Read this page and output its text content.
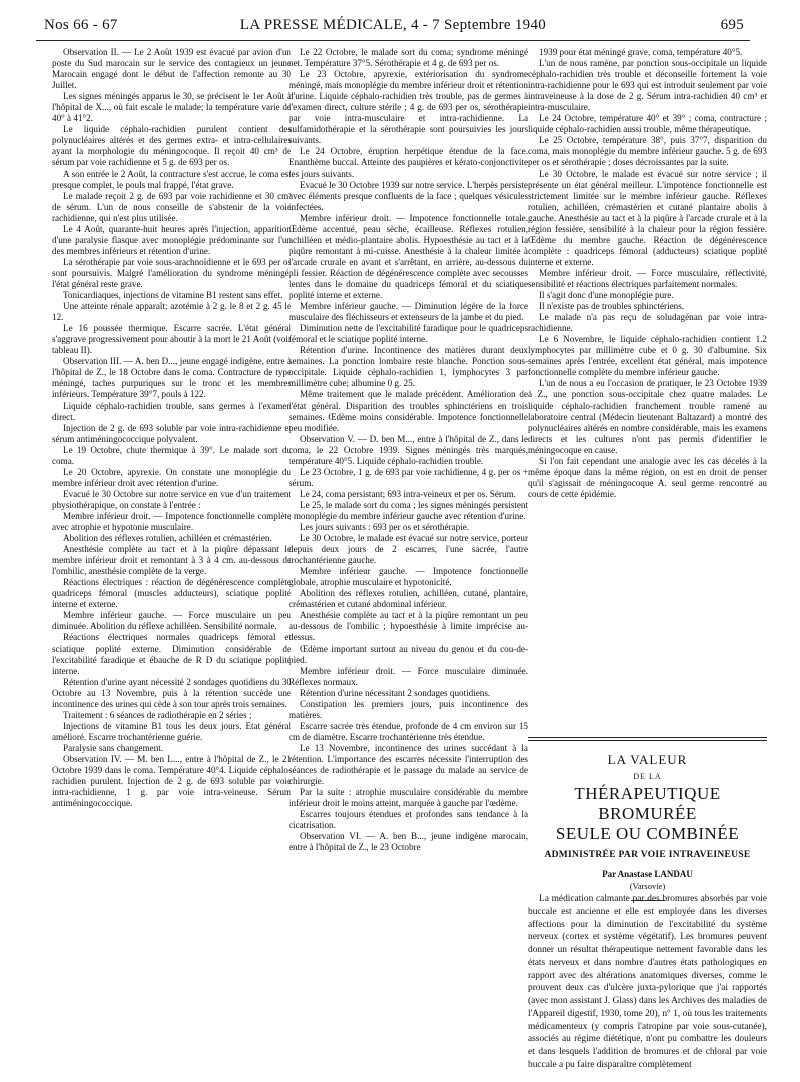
Nos 66 - 67	LA PRESSE MÉDICALE, 4 - 7 Septembre 1940	695

Observation II. — Le 2 Août 1939 est évacué par avion d'un poste du Sud marocain sur le service des contagieux un jeune Marocain engagé dont le début de l'affection remonte au 30 Juillet.

Les signes méningés apparus le 30, se précisent le 1er Août à l'hôpital de X..., où fait escale le malade; la température varie de 40° à 41°2.

Le liquide céphalo-rachidien purulent contient des polynucléaires altérés et des germes extra- et intra-cellulaires ayant la morphologie du méningocoque. Il reçoit 40 cm³ de sérum par voie rachidienne et 5 g. de 693 per os.

A son entrée le 2 Août, la contracture s'est accrue, le coma est presque complet, le pouls mal frappé, l'état grave.

Le malade reçoit 2 g. de 693 par voie rachidienne et 30 cm³ de sérum. L'un de nous conseille de s'abstenir de la voie rachidienne, qui n'est plus utilisée.

Le 4 Août, quarante-huit heures après l'injection, apparition d'une paralysie flasque avec monoplégie prédominante sur l'un des membres inférieurs et rétention d'urine.

La sérothérapie par voie sous-arachnoïdienne et le 693 per os sont poursuivis. Malgré l'amélioration du syndrome méningé, l'état général reste grave.

Tonicardiaques, injections de vitamine B1 restent sans effet.

Une atteinte rénale apparaît; azotémie à 2 g. le 8 et 2 g. 45 le 12.

Le 16 poussée thermique. Escarre sacrée. L'état général s'aggrave progressivement pour aboutir à la mort le 21 Août (voir tableau II).

Observation III. — A. ben D..., jeune engagé indigène, entre à l'hôpital de Z., le 18 Octobre dans le coma. Contracture de type méningé, taches purpuriques sur le tronc et les membres inférieurs. Température 39°7, pouls à 122.

Liquide céphalo-rachidien trouble, sans germes à l'examen direct.

Injection de 2 g. de 693 soluble par voie intra-rachidienne et sérum antiméningococcique polyvalent.

Le 19 Octobre, chute thermique à 39°. Le malade sort du coma.

Le 20 Octobre, apyrexie. On constate une monoplégie du membre inférieur droit avec rétention d'urine.

Evacué le 30 Octobre sur notre service en vue d'un traitement physiothérapique, on constate à l'entrée :

Membre inférieur droit. — Impotence fonctionnelle complète avec atrophie et hypotonie musculaire.

Abolition des réflexes rotulien, achilléen et crémastérien.

Anesthésie complète au tact et à la piqûre dépassant le membre inférieur droit et remontant à 3 à 4 cm. au-dessous de l'ombilic, anesthésie complète de la verge.

Réactions électriques : réaction de dégénérescence complète quadriceps fémoral (muscles adducteurs), sciatique poplité interne et externe.

Membre inférieur gauche. — Force musculaire un peu diminuée. Abolition du réflexe achilléen. Sensibilité normale.

Réactions électriques normales quadriceps fémoral et sciatique poplité externe. Diminution considérable de l'excitabilité faradique et ébauche de R D du sciatique poplité interne.

Rétention d'urine ayant nécessité 2 sondages quotidiens du 30 Octobre au 13 Novembre, puis à la rétention succède une incontinence des urines qui cède à son tour après trois semaines.

Traitement : 6 séances de radiothérapie en 2 séries ;

Injections de vitamine B1 tous les deux jours. Etat général amélioré. Escarre trochantérienne guérie.

Paralysie sans changement.

Observation IV. — M. ben L..., entre à l'hôpital de Z., le 21 Octobre 1939 dans le coma. Température 40°4. Liquide céphalo-rachidien purulent. Injection de 2 g. de 693 soluble par voie intra-rachidienne, 1 g. par voie intra-veineuse. Sérum antiméningococcique.

Le 22 Octobre, le malade sort du coma; syndrome méningé net. Température 37°5. Sérothérapie et 4 g. de 693 per os.

Le 23 Octobre, apyrexie, extériorisation du syndrome méningé, mais monoplégie du membre inférieur droit et rétention d'urine. Liquide céphalo-rachidien très trouble, pas de germes à l'examen direct, culture stérile ; 4 g. de 693 per os, sérothérapie par voie intra-musculaire et intra-rachidienne. La sulfamidothérapie et la sérothérapie sont poursuivies les jours suivants.

Le 24 Octobre, éruption herpétique étendue de la face. Enanthème buccal. Atteinte des paupières et kérato-conjonctivite les jours suivants.

Evacué le 30 Octobre 1939 sur notre service. L'herpès persiste avec éléments presque confluents de la face ; quelques vésicules infectées.

Membre inférieur droit. — Impotence fonctionnelle totale. Œdème accentué, peau sèche, écailleuse. Réflexes rotulien, achilléen et médio-plantaire abolis. Hypoesthésie au tact et à la piqûre remontant à mi-cuisse. Anesthésie à la chaleur limitée à l'arcade crurale en avant et s'arrêtant, en arrière, au-dessous du pli fessier. Réaction de dégénérescence complète avec secousses lentes dans le domaine du quadriceps fémoral et du sciatique poplité interne et externe.

Membre inférieur gauche. — Diminution légère de la force musculaire des fléchisseurs et extenseurs de la jambe et du pied.

Diminution nette de l'excitabilité faradique pour le quadriceps fémoral et le sciatique poplité interne.

Rétention d'urine. Incontinence des matières durant deux semaines. La ponction lombaire reste blanche. Ponction sous-occipitale. Liquide céphalo-rachidien 1, lymphocytes 3 par millimètre cube; albumine 0 g. 25.

Même traitement que le malade précédent. Amélioration de l'état général. Disparition des troubles sphinctériens en trois semaines. Œdème moins considérable. Impotence fonctionnelle peu modifiée.

Observation V. — D. ben M..., entre à l'hôpital de Z., dans le coma, le 22 Octobre 1939. Signes méningés très marqués, température 40°5. Liquide céphalo-rachidien trouble.

Le 23 Octobre, 1 g. de 693 par voie rachidienne, 4 g. per os + sérum.

Le 24, coma persistant; 693 intra-veineux et per os. Sérum.

Le 25, le malade sort du coma ; les signes méningés persistent ; monoplégie du membre inférieur gauche avec rétention d'urine.

Les jours suivants : 693 per os et sérothérapie.

Le 30 Octobre, le malade est évacué sur notre service, porteur depuis deux jours de 2 escarres, l'une sacrée, l'autre trochantérienne gauche.

Membre inférieur gauche. — Impotence fonctionnelle globale, atrophie musculaire et hypotonicité.

Abolition des réflexes rotulien, achilléen, cutané, plantaire, crémastérien et cutané abdominal inférieur.

Anesthésie complète au tact et à la piqûre remontant un peu au-dessous de l'ombilic ; hypoesthésie à limite imprécise au-dessus.

Œdème important surtout au niveau du genou et du cou-de-pied.

Membre inférieur droit. — Force musculaire diminuée. Réflexes normaux.

Rétention d'urine nécessitant 2 sondages quotidiens.

Constipation les premiers jours, puis incontinence des matières.

Escarre sacrée très étendue, profonde de 4 cm environ sur 15 cm de diamètre. Escarre trochantérienne très étendue.

Le 13 Novembre, incontinence des urines succédant à la rétention. L'importance des escarres nécessite l'interruption des séances de radiothérapie et le passage du malade au service de chirurgie.

Par la suite : atrophie musculaire considérable du membre inférieur droit le moins atteint, marquée à gauche par l'œdème.

Escarres toujours étendues et profondes sans tendance à la cicatrisation.

Observation VI. — A. ben B..., jeune indigène marocain, entre à l'hôpital de Z., le 23 Octobre

1939 pour état méningé grave, coma, température 40°5.

L'un de nous ramène, par ponction sous-occipitale un liquide céphalo-rachidien très trouble et déconseille fortement la voie intra-rachidienne pour le 693 qui est introduit seulement par voie intraveineuse à la dose de 2 g. Sérum intra-rachidien 40 cm³ et intra-musculaire.

Le 24 Octobre, température 40° et 39° ; coma, contracture ; liquide céphalo-rachidien aussi trouble, même thérapeutique.

Le 25 Octobre, température 38°, puis 37°7, disparition du coma, mais monoplégie du membre inférieur gauche. 5 g. de 693 per os et sérothérapie ; doses décroissantes par la suite.

Le 30 Octobre, le malade est évacué sur notre service ; il présente un état général meilleur. L'impotence fonctionnelle est strictement limitée sur le membre inférieur gauche. Réflexes rotulien, achilléen, crémastérien et cutané plantaire abolis à gauche. Anesthésie au tact et à la piqûre à l'arcade crurale et à la région fessière, sensibilité à la chaleur pour la région fessière. Œdème du membre gauche. Réaction de dégénérescence complète : quadriceps fémoral (adducteurs) sciatique poplité interne et externe.

Membre inférieur droit. — Force musculaire, réflectivité, sensibilité et réactions électriques parfaitement normales.

Il s'agit donc d'une monoplégie pure.

Il n'existe pas de troubles sphinctériens.

Le malade n'a pas reçu de soludagénan par voie intra-rachidienne.

Le 6 Novembre, le liquide céphalo-rachidien contient 1.2 lymphocytes par millimètre cube et 0 g. 30 d'albumine. Six semaines après l'entrée, excellent état général, mais impotence fonctionnelle complète du membre inférieur gauche.

L'un de nous a eu l'occasion de pratiquer, le 23 Octobre 1939 à Z., une ponction sous-occipitale chez quatre malades. Le liquide céphalo-rachidien franchement trouble ramené au laboratoire central (Médecin lieutenant Baltazard) a montré des polynucléaires altérés en nombre considérable, mais les examens directs et les cultures n'ont pas permis d'identifier le méningocoque en cause.

Si l'on fait cependant une analogie avec les cas décelés à la même époque dans la même région, on est en droit de penser qu'il s'agissait de méningocoque A. seul germe rencontré au cours de cette épidémie.

LA VALEUR
DE LA
THÉRAPEUTIQUE BROMURÉE
SEULE OU COMBINÉE
ADMINISTRÉE PAR VOIE INTRAVEINEUSE
Par Anastase LANDAU
(Varsovie)

La médication calmante par des bromures absorbés par voie buccale est ancienne et elle est employée dans les diverses affections pour la diminution de l'excitabilité du système nerveux (cortex et système végétatif). Les bromures peuvent donner un résultat thérapeutique nettement favorable dans les états nerveux et dans nombre d'autres états pathologiques en rapport avec des altérations anatomiques diverses, comme le prouvent deux cas d'ulcère juxta-pylorique que j'ai rapportés (avec mon assistant J. Glass) dans les Archives des maladies de l'Appareil digestif, 1930, tome 20), n° 1, où tous les traitements médicamenteux (y compris l'atropine par voie sous-cutanée), associés au régime diététique, n'ont pu combattre les douleurs et dans lesquels l'addition de bromures et de chloral par voie buccale a pu faire disparaître complètement
